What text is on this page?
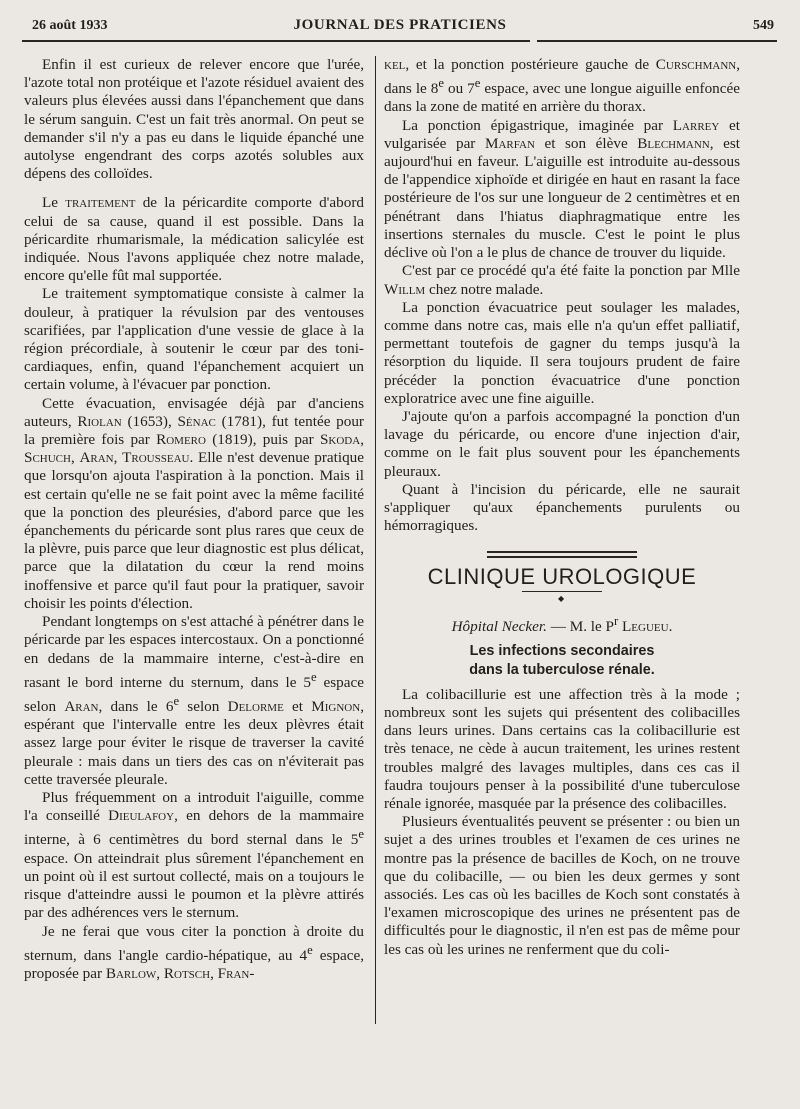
26 août 1933	JOURNAL DES PRATICIENS	549

Enfin il est curieux de relever encore que l'urée, l'azote total non protéique et l'azote résiduel avaient des valeurs plus élevées aussi dans l'épanchement que dans le sérum sanguin. C'est un fait très anormal. On peut se demander s'il n'y a pas eu dans le liquide épanché une autolyse engendrant des corps azotés solubles aux dépens des colloïdes.

Le traitement de la péricardite comporte d'abord celui de sa cause, quand il est possible. Dans la péricardite rhumarismale, la médication salicylée est indiquée. Nous l'avons appliquée chez notre malade, encore qu'elle fût mal supportée.

Le traitement symptomatique consiste à calmer la douleur, à pratiquer la révulsion par des ventouses scarifiées, par l'application d'une vessie de glace à la région précordiale, à soutenir le cœur par des toni-cardiaques, enfin, quand l'épanchement acquiert un certain volume, à l'évacuer par ponction.

Cette évacuation, envisagée déjà par d'anciens auteurs, Riolan (1653), Sénac (1781), fut tentée pour la première fois par Romero (1819), puis par Skoda, Schuch, Aran, Trousseau. Elle n'est devenue pratique que lorsqu'on ajouta l'aspiration à la ponction. Mais il est certain qu'elle ne se fait point avec la même facilité que la ponction des pleurésies, d'abord parce que les épanchements du péricarde sont plus rares que ceux de la plèvre, puis parce que leur diagnostic est plus délicat, parce que la dilatation du cœur la rend moins inoffensive et parce qu'il faut pour la pratiquer, savoir choisir les points d'élection.

Pendant longtemps on s'est attaché à pénétrer dans le péricarde par les espaces intercostaux. On a ponctionné en dedans de la mammaire interne, c'est-à-dire en rasant le bord interne du sternum, dans le 5e espace selon Aran, dans le 6e selon Delorme et Mignon, espérant que l'intervalle entre les deux plèvres était assez large pour éviter le risque de traverser la cavité pleurale : mais dans un tiers des cas on n'éviterait pas cette traversée pleurale.

Plus fréquemment on a introduit l'aiguille, comme l'a conseillé Dieulafoy, en dehors de la mammaire interne, à 6 centimètres du bord sternal dans le 5e espace. On atteindrait plus sûrement l'épanchement en un point où il est surtout collecté, mais on a toujours le risque d'atteindre aussi le poumon et la plèvre attirés par des adhérences vers le sternum.

Je ne ferai que vous citer la ponction à droite du sternum, dans l'angle cardio-hépatique, au 4e espace, proposée par Barlow, Rotsch, Fran-

kel, et la ponction postérieure gauche de Curschmann, dans le 8e ou 7e espace, avec une longue aiguille enfoncée dans la zone de matité en arrière du thorax.

La ponction épigastrique, imaginée par Larrey et vulgarisée par Marfan et son élève Blechmann, est aujourd'hui en faveur. L'aiguille est introduite au-dessous de l'appendice xiphoïde et dirigée en haut en rasant la face postérieure de l'os sur une longueur de 2 centimètres et en pénétrant dans l'hiatus diaphragmatique entre les insertions sternales du muscle. C'est le point le plus déclive où l'on a le plus de chance de trouver du liquide.

C'est par ce procédé qu'a été faite la ponction par Mlle Willm chez notre malade.

La ponction évacuatrice peut soulager les malades, comme dans notre cas, mais elle n'a qu'un effet palliatif, permettant toutefois de gagner du temps jusqu'à la résorption du liquide. Il sera toujours prudent de faire précéder la ponction évacuatrice d'une ponction exploratrice avec une fine aiguille.

J'ajoute qu'on a parfois accompagné la ponction d'un lavage du péricarde, ou encore d'une injection d'air, comme on le fait plus souvent pour les épanchements pleuraux.

Quant à l'incision du péricarde, elle ne saurait s'appliquer qu'aux épanchements purulents ou hémorragiques.

CLINIQUE UROLOGIQUE
◆
Hôpital Necker. — M. le $P^r$ Legueu.
Les infections secondaires
dans la tuberculose rénale.

La colibacillurie est une affection très à la mode ; nombreux sont les sujets qui présentent des colibacilles dans leurs urines. Dans certains cas la colibacillurie est très tenace, ne cède à aucun traitement, les urines restent troubles malgré des lavages multiples, dans ces cas il faudra toujours penser à la possibilité d'une tuberculose rénale ignorée, masquée par la présence des colibacilles.

Plusieurs éventualités peuvent se présenter : ou bien un sujet a des urines troubles et l'examen de ces urines ne montre pas la présence de bacilles de Koch, on ne trouve que du colibacille, — ou bien les deux germes y sont associés. Les cas où les bacilles de Koch sont constatés à l'examen microscopique des urines ne présentent pas de difficultés pour le diagnostic, il n'en est pas de même pour les cas où les urines ne renferment que du coli-
